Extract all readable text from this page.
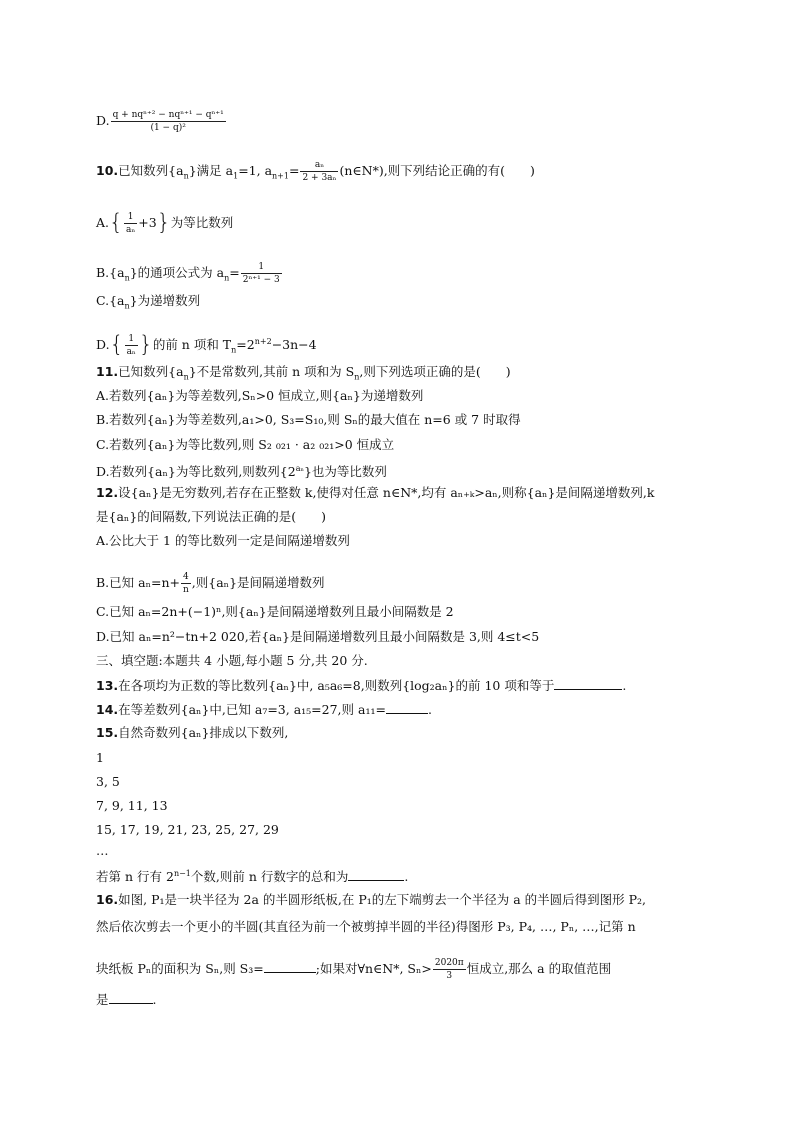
D. $\frac{\text{q + nqⁿ⁺² − nqⁿ⁺¹ − qⁿ⁺¹}}{\text{(1 − q)²}}$
10.已知数列$\{a_n\}$满足 $a_1=1$, $a_{n+1}= \frac{\text{aₙ}}{\text{2 + 3aₙ}}$ (n∈N*),则下列结论正确的有(　　)
$A.\{ \frac{1}{\text{aₙ}} +3\}$为等比数列
$B.\{a_n\}$的通项公式为 $a_n= \frac{1}{\text{2ⁿ⁺¹ − 3}}$
$C.\{a_n\}$为递增数列
$D.\{ \frac{1}{\text{aₙ}}$ }的前 n 项和 $T_n=2^{n+2}-3n-4$
11.已知数列$\{a_n\}$不是常数列,其前 n 项和为 $S_n$,则下列选项正确的是(　　)
A.若数列{aₙ}为等差数列,Sₙ>0 恒成立,则{aₙ}为递增数列
B.若数列{aₙ}为等差数列,a₁>0, S₃=S₁₀,则 Sₙ的最大值在 n=6 或 7 时取得
C.若数列{aₙ}为等比数列,则 S₂ ₀₂₁ · a₂ ₀₂₁>0 恒成立
D.若数列{aₙ}为等比数列,则数列$\{2^{a_n}\}$也为等比数列
12.设{aₙ}是无穷数列,若存在正整数 k,使得对任意 n∈N*,均有 aₙ₊ₖ>aₙ,则称{aₙ}是间隔递增数列,k
是{aₙ}的间隔数,下列说法正确的是(　　)
A.公比大于 1 的等比数列一定是间隔递增数列
B.已知 $a_n=n+ \frac{4}{n}$ ,则{aₙ}是间隔递增数列
C.已知 aₙ=2n+(−1)ⁿ,则{aₙ}是间隔递增数列且最小间隔数是 2
D.已知 aₙ=n²−tn+2 020,若{aₙ}是间隔递增数列且最小间隔数是 3,则 4≤t<5
三、填空题:本题共 4 小题,每小题 5 分,共 20 分.
13.在各项均为正数的等比数列{aₙ}中, a₅a₆=8,则数列{log₂aₙ}的前 10 项和等于	.
14.在等差数列{aₙ}中,已知 a₇=3, a₁₅=27,则 a₁₁=	.
15.自然奇数列{aₙ}排成以下数列,
1
3, 5
7, 9, 11, 13
15, 17, 19, 21, 23, 25, 27, 29
…
若第 n 行有 $2^{n-1}$个数,则前 n 行数字的总和为	.
16.如图, P₁是一块半径为 2a 的半圆形纸板,在 P₁的左下端剪去一个半径为 a 的半圆后得到图形 P₂,
然后依次剪去一个更小的半圆(其直径为前一个被剪掉半圆的半径)得图形 P₃, P₄, …, Pₙ, …,记第 n
块纸板 Pₙ的面积为 Sₙ,则 S₃=	;如果对∀n∈N*, $S_n> \frac{2020\pi}{3}$ 恒成立,那么 a 的取值范围
是	.
